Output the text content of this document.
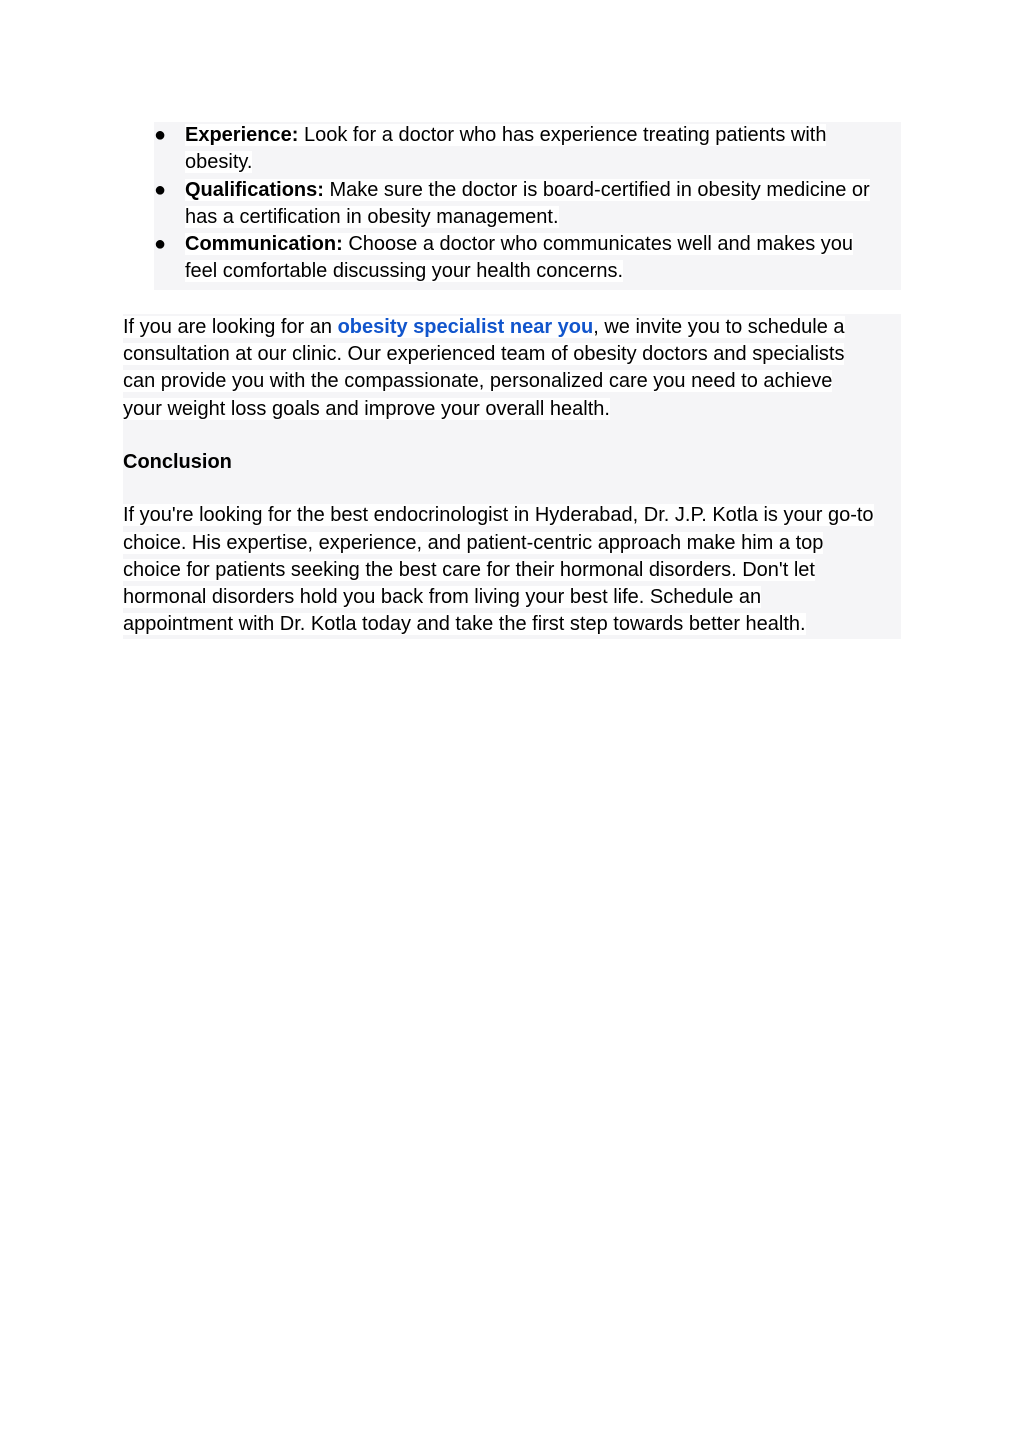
● Experience: Look for a doctor who has experience treating patients with
obesity.
● Qualifications: Make sure the doctor is board-certified in obesity medicine or
has a certification in obesity management.
● Communication: Choose a doctor who communicates well and makes you
feel comfortable discussing your health concerns.
If you are looking for an obesity specialist near you, we invite you to schedule a
consultation at our clinic. Our experienced team of obesity doctors and specialists
can provide you with the compassionate, personalized care you need to achieve
your weight loss goals and improve your overall health.
Conclusion
If you're looking for the best endocrinologist in Hyderabad, Dr. J.P. Kotla is your go-to
choice. His expertise, experience, and patient-centric approach make him a top
choice for patients seeking the best care for their hormonal disorders. Don't let
hormonal disorders hold you back from living your best life. Schedule an
appointment with Dr. Kotla today and take the first step towards better health.
